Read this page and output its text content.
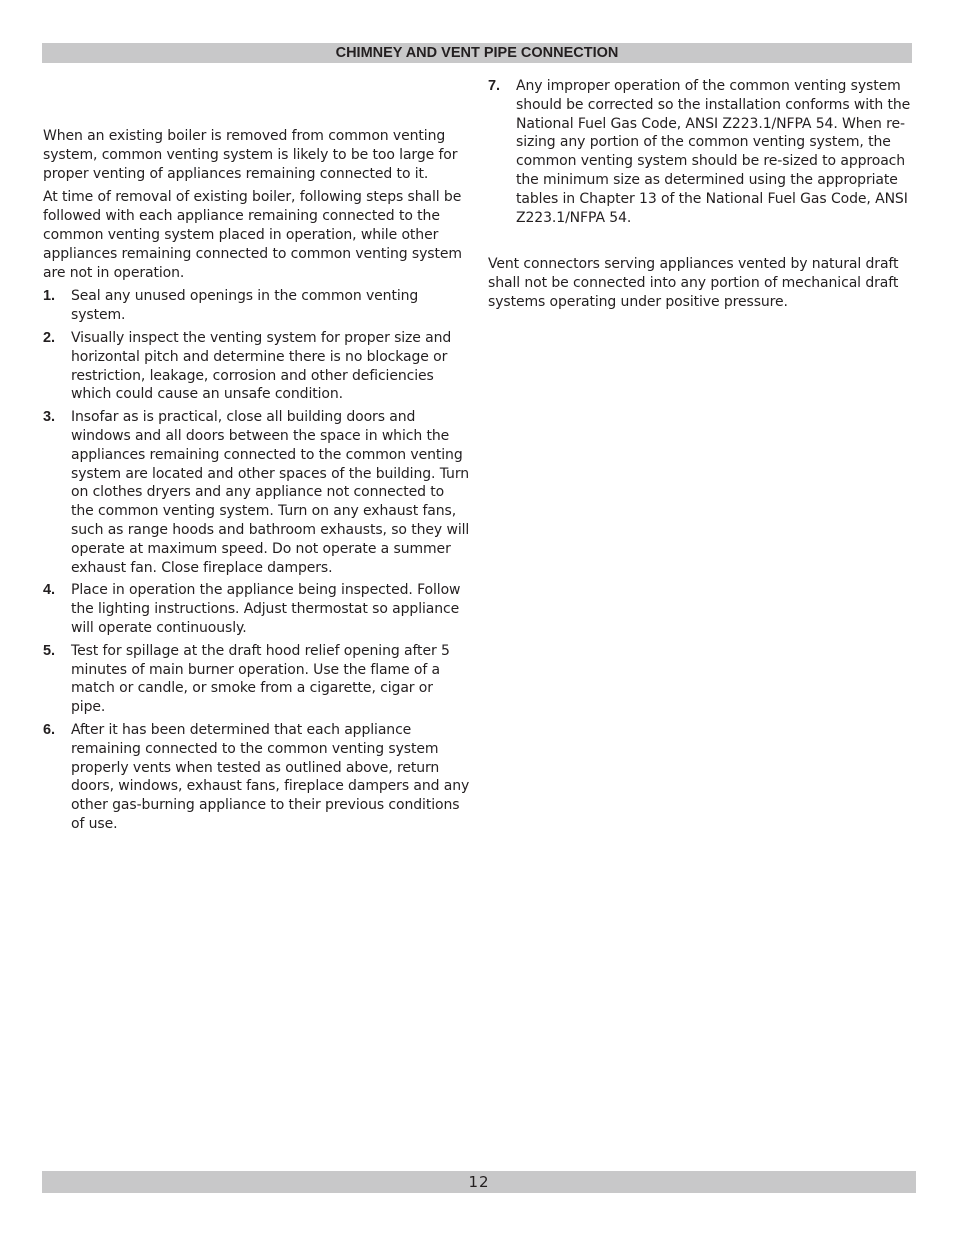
CHIMNEY AND VENT PIPE CONNECTION

When an existing boiler is removed from common venting system, common venting system is likely to be too large for proper venting of appliances remaining connected to it.

At time of removal of existing boiler, following steps shall be followed with each appliance remaining connected to the common venting system placed in operation, while other appliances remaining connected to common venting system are not in operation.

1. Seal any unused openings in the common venting system.
2. Visually inspect the venting system for proper size and horizontal pitch and determine there is no blockage or restriction, leakage, corrosion and other deficiencies which could cause an unsafe condition.
3. Insofar as is practical, close all building doors and windows and all doors between the space in which the appliances remaining connected to the common venting system are located and other spaces of the building. Turn on clothes dryers and any appliance not connected to the common venting system. Turn on any exhaust fans, such as range hoods and bathroom exhausts, so they will operate at maximum speed. Do not operate a summer exhaust fan. Close fireplace dampers.
4. Place in operation the appliance being inspected. Follow the lighting instructions. Adjust thermostat so appliance will operate continuously.
5. Test for spillage at the draft hood relief opening after 5 minutes of main burner operation. Use the flame of a match or candle, or smoke from a cigarette, cigar or pipe.
6. After it has been determined that each appliance remaining connected to the common venting system properly vents when tested as outlined above, return doors, windows, exhaust fans, fireplace dampers and any other gas-burning appliance to their previous conditions of use.
7. Any improper operation of the common venting system should be corrected so the installation conforms with the National Fuel Gas Code, ANSI Z223.1/NFPA 54. When re-sizing any portion of the common venting system, the common venting system should be re-sized to approach the minimum size as determined using the appropriate tables in Chapter 13 of the National Fuel Gas Code, ANSI Z223.1/NFPA 54.

Vent connectors serving appliances vented by natural draft shall not be connected into any portion of mechanical draft systems operating under positive pressure.

12
